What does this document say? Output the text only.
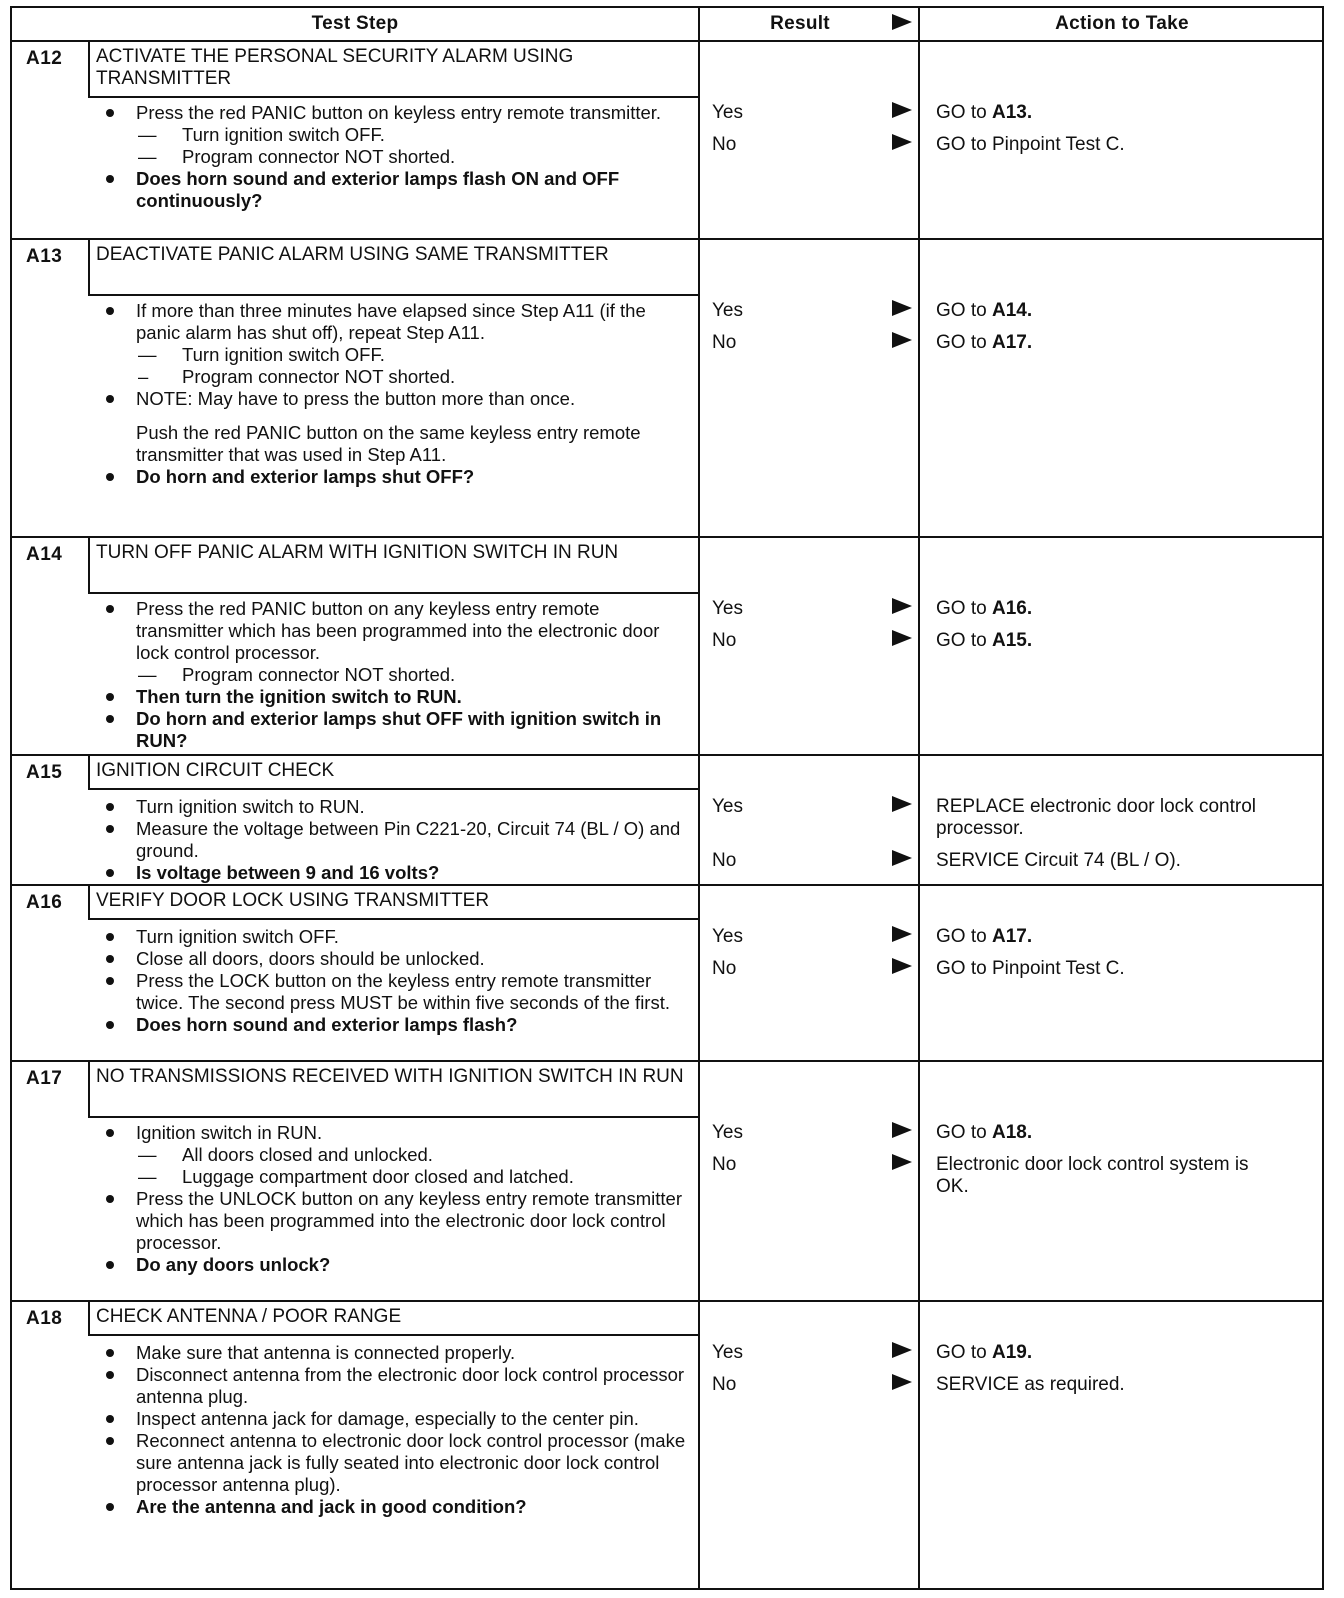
Test Step	Result	Action to Take
A12	ACTIVATE THE PERSONAL SECURITY ALARM USING TRANSMITTER
Press the red PANIC button on keyless entry remote transmitter.
— Turn ignition switch OFF.
— Program connector NOT shorted.
Does horn sound and exterior lamps flash ON and OFF continuously?
Yes	GO to A13.
No	GO to Pinpoint Test C.
A13	DEACTIVATE PANIC ALARM USING SAME TRANSMITTER
If more than three minutes have elapsed since Step A11 (if the panic alarm has shut off), repeat Step A11.
— Turn ignition switch OFF.
– Program connector NOT shorted.
NOTE: May have to press the button more than once.
Push the red PANIC button on the same keyless entry remote transmitter that was used in Step A11.
Do horn and exterior lamps shut OFF?
Yes	GO to A14.
No	GO to A17.
A14	TURN OFF PANIC ALARM WITH IGNITION SWITCH IN RUN
Press the red PANIC button on any keyless entry remote transmitter which has been programmed into the electronic door lock control processor.
— Program connector NOT shorted.
Then turn the ignition switch to RUN.
Do horn and exterior lamps shut OFF with ignition switch in RUN?
Yes	GO to A16.
No	GO to A15.
A15	IGNITION CIRCUIT CHECK
Turn ignition switch to RUN.
Measure the voltage between Pin C221-20, Circuit 74 (BL / O) and ground.
Is voltage between 9 and 16 volts?
Yes	REPLACE electronic door lock control processor.
No	SERVICE Circuit 74 (BL / O).
A16	VERIFY DOOR LOCK USING TRANSMITTER
Turn ignition switch OFF.
Close all doors, doors should be unlocked.
Press the LOCK button on the keyless entry remote transmitter twice. The second press MUST be within five seconds of the first.
Does horn sound and exterior lamps flash?
Yes	GO to A17.
No	GO to Pinpoint Test C.
A17	NO TRANSMISSIONS RECEIVED WITH IGNITION SWITCH IN RUN
Ignition switch in RUN.
— All doors closed and unlocked.
— Luggage compartment door closed and latched.
Press the UNLOCK button on any keyless entry remote transmitter which has been programmed into the electronic door lock control processor.
Do any doors unlock?
Yes	GO to A18.
No	Electronic door lock control system is OK.
A18	CHECK ANTENNA / POOR RANGE
Make sure that antenna is connected properly.
Disconnect antenna from the electronic door lock control processor antenna plug.
Inspect antenna jack for damage, especially to the center pin.
Reconnect antenna to electronic door lock control processor (make sure antenna jack is fully seated into electronic door lock control processor antenna plug).
Are the antenna and jack in good condition?
Yes	GO to A19.
No	SERVICE as required.
